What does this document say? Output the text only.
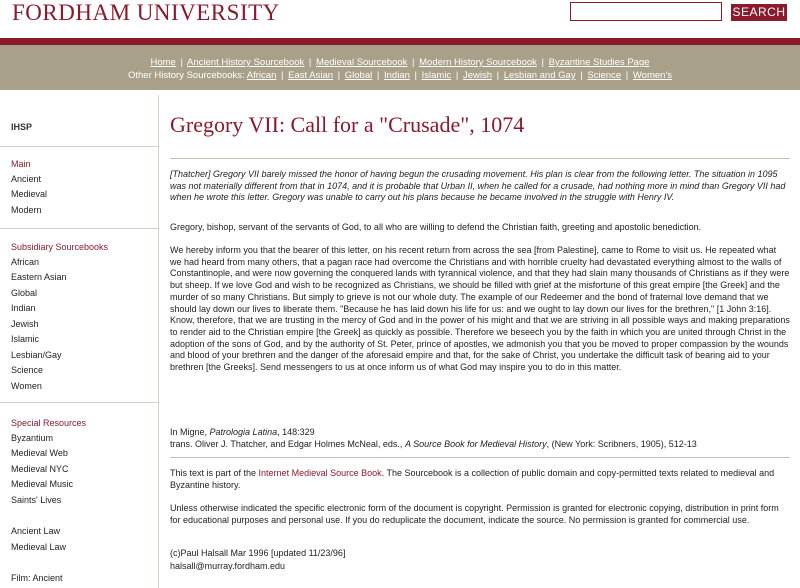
FORDHAM UNIVERSITY	SEARCH
Home | Ancient History Sourcebook | Medieval Sourcebook | Modern History Sourcebook | Byzantine Studies Page
Other History Sourcebooks: African | East Asian | Global | Indian | Islamic | Jewish | Lesbian and Gay | Science | Women's
IHSP
Main
Ancient
Medieval
Modern
Subsidiary Sourcebooks
African
Eastern Asian
Global
Indian
Jewish
Islamic
Lesbian/Gay
Science
Women
Special Resources
Byzantium
Medieval Web
Medieval NYC
Medieval Music
Saints' Lives
Ancient Law
Medieval Law
Film: Ancient
Gregory VII: Call for a "Crusade", 1074

[Thatcher] Gregory VII barely missed the honor of having begun the crusading movement. His plan is clear from the following letter. The situation in 1095 was not materially different from that in 1074, and it is probable that Urban II, when he called for a crusade, had nothing more in mind than Gregory VII had when he wrote this letter. Gregory was unable to carry out his plans because he became involved in the struggle with Henry IV.

Gregory, bishop, servant of the servants of God, to all who are willing to defend the Christian faith, greeting and apostolic benediction.

We hereby inform you that the bearer of this letter, on his recent return from across the sea [from Palestine], came to Rome to visit us. He repeated what we had heard from many others, that a pagan race had overcome the Christians and with horrible cruelty had devastated everything almost to the walls of Constantinople, and were now governing the conquered lands with tyrannical violence, and that they had slain many thousands of Christians as if they were but sheep. If we love God and wish to be recognized as Christians, we should be filled with grief at the misfortune of this great empire [the Greek] and the murder of so many Christians. But simply to grieve is not our whole duty. The example of our Redeemer and the bond of fraternal love demand that we should lay down our lives to liberate them. "Because he has laid down his life for us: and we ought to lay down our lives for the brethren," [1 John 3:16]. Know, therefore, that we are trusting in the mercy of God and in the power of his might and that we are striving in all possible ways and making preparations to render aid to the Christian empire [the Greek] as quickly as possible. Therefore we beseech you by the faith in which you are united through Christ in the adoption of the sons of God, and by the authority of St. Peter, prince of apostles, we admonish you that you be moved to proper compassion by the wounds and blood of your brethren and the danger of the aforesaid empire and that, for the sake of Christ, you undertake the difficult task of bearing aid to your brethren [the Greeks]. Send messengers to us at once inform us of what God may inspire you to do in this matter.

In Migne, Patrologia Latina, 148:329
trans. Oliver J. Thatcher, and Edgar Holmes McNeal, eds., A Source Book for Medieval History, (New York: Scribners, 1905), 512-13

This text is part of the Internet Medieval Source Book. The Sourcebook is a collection of public domain and copy-permitted texts related to medieval and Byzantine history.

Unless otherwise indicated the specific electronic form of the document is copyright. Permission is granted for electronic copying, distribution in print form for educational purposes and personal use. If you do reduplicate the document, indicate the source. No permission is granted for commercial use.

(c)Paul Halsall Mar 1996 [updated 11/23/96]
halsall@murray.fordham.edu
